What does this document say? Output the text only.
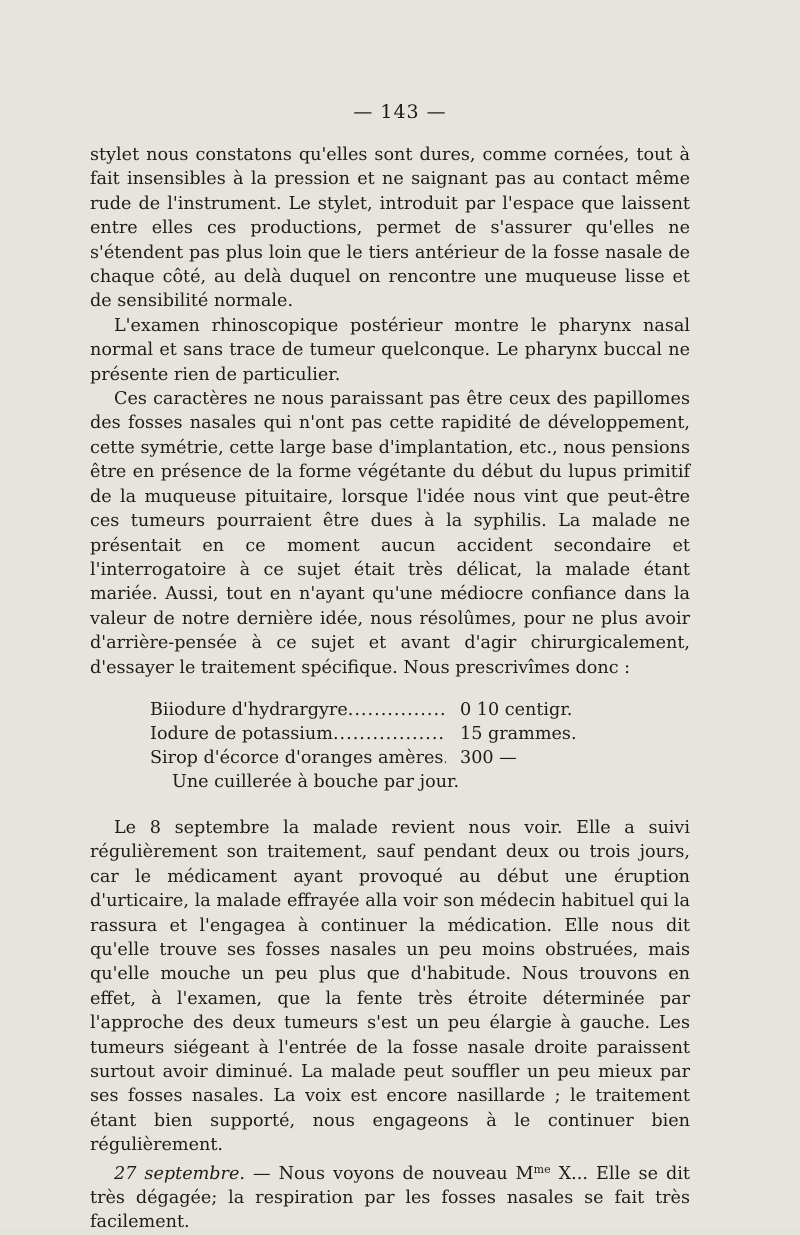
— 143 —

stylet nous constatons qu'elles sont dures, comme cornées, tout à fait insensibles à la pression et ne saignant pas au contact même rude de l'instrument. Le stylet, introduit par l'espace que laissent entre elles ces productions, permet de s'assurer qu'elles ne s'étendent pas plus loin que le tiers antérieur de la fosse nasale de chaque côté, au delà duquel on rencontre une muqueuse lisse et de sensibilité normale.

L'examen rhinoscopique postérieur montre le pharynx nasal normal et sans trace de tumeur quelconque. Le pharynx buccal ne présente rien de particulier.

Ces caractères ne nous paraissant pas être ceux des papillomes des fosses nasales qui n'ont pas cette rapidité de développement, cette symétrie, cette large base d'implantation, etc., nous pensions être en présence de la forme végétante du début du lupus primitif de la muqueuse pituitaire, lorsque l'idée nous vint que peut-être ces tumeurs pourraient être dues à la syphilis. La malade ne présentait en ce moment aucun accident secondaire et l'interrogatoire à ce sujet était très délicat, la malade étant mariée. Aussi, tout en n'ayant qu'une médiocre confiance dans la valeur de notre dernière idée, nous résolûmes, pour ne plus avoir d'arrière-pensée à ce sujet et avant d'agir chirurgicalement, d'essayer le traitement spécifique. Nous prescrivîmes donc :

Biiodure d'hydrargyre .....	0 10 centigr.
Iodure de potassium .....	15 grammes.
Sirop d'écorce d'oranges amères ..... 300 —
Une cuillerée à bouche par jour.

Le 8 septembre la malade revient nous voir. Elle a suivi régulièrement son traitement, sauf pendant deux ou trois jours, car le médicament ayant provoqué au début une éruption d'urticaire, la malade effrayée alla voir son médecin habituel qui la rassura et l'engagea à continuer la médication. Elle nous dit qu'elle trouve ses fosses nasales un peu moins obstruées, mais qu'elle mouche un peu plus que d'habitude. Nous trouvons en effet, à l'examen, que la fente très étroite déterminée par l'approche des deux tumeurs s'est un peu élargie à gauche. Les tumeurs siégeant à l'entrée de la fosse nasale droite paraissent surtout avoir diminué. La malade peut souffler un peu mieux par ses fosses nasales. La voix est encore nasillarde ; le traitement étant bien supporté, nous engageons à le continuer bien régulièrement.

27 septembre. — Nous voyons de nouveau $M^{me}$ X... Elle se dit très dégagée; la respiration par les fosses nasales se fait très facilement.
